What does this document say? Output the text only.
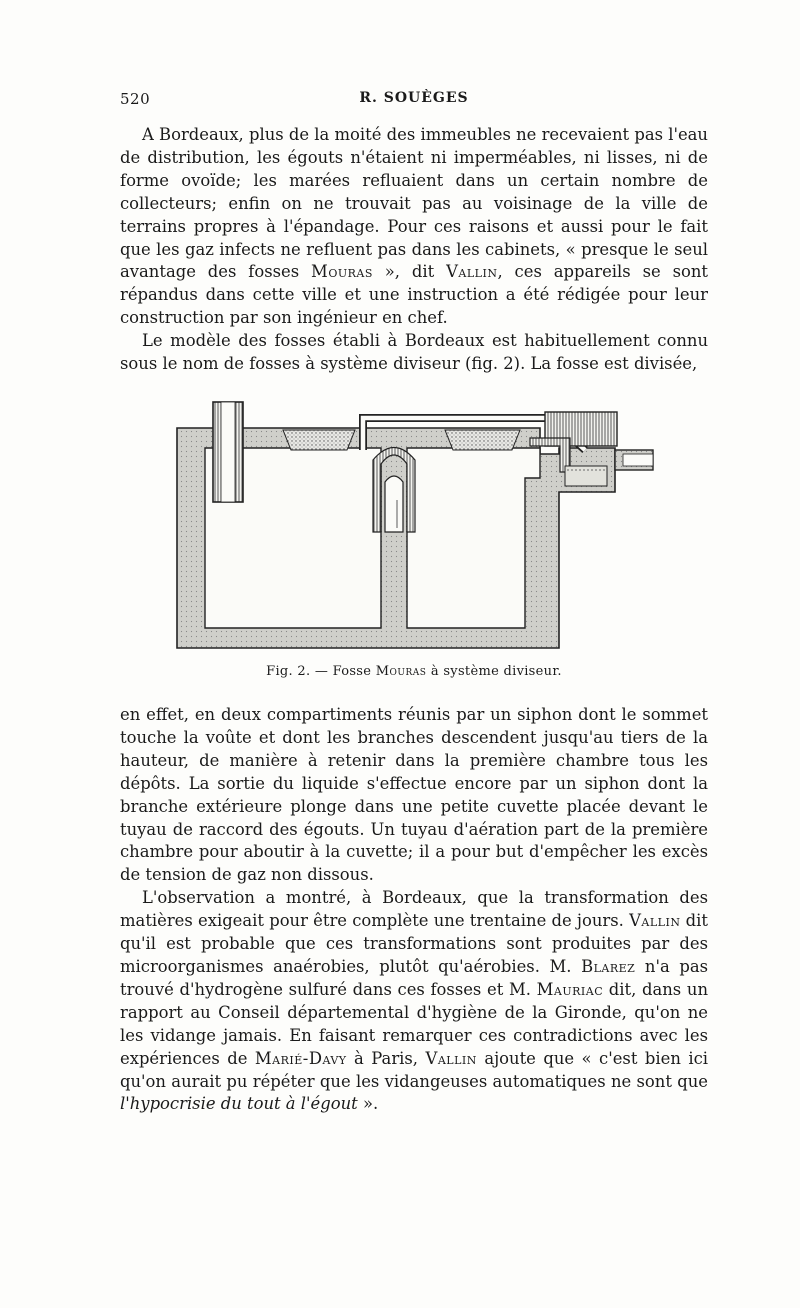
520	R. SOUÈGES

A Bordeaux, plus de la moité des immeubles ne recevaient pas l'eau de distribution, les égouts n'étaient ni imperméables, ni lisses, ni de forme ovoïde; les marées refluaient dans un certain nombre de collecteurs; enfin on ne trouvait pas au voisinage de la ville de terrains propres à l'épandage. Pour ces raisons et aussi pour le fait que les gaz infects ne refluent pas dans les cabinets, « presque le seul avantage des fosses Mouras », dit Vallin, ces appareils se sont répandus dans cette ville et une instruction a été rédigée pour leur construction par son ingénieur en chef.

Le modèle des fosses établi à Bordeaux est habituellement connu sous le nom de fosses à système diviseur (fig. 2). La fosse est divisée,

Fig. 2. — Fosse Mouras à système diviseur.

en effet, en deux compartiments réunis par un siphon dont le sommet touche la voûte et dont les branches descendent jusqu'au tiers de la hauteur, de manière à retenir dans la première chambre tous les dépôts. La sortie du liquide s'effectue encore par un siphon dont la branche extérieure plonge dans une petite cuvette placée devant le tuyau de raccord des égouts. Un tuyau d'aération part de la première chambre pour aboutir à la cuvette; il a pour but d'empêcher les excès de tension de gaz non dissous.

L'observation a montré, à Bordeaux, que la transformation des matières exigeait pour être complète une trentaine de jours. Vallin dit qu'il est probable que ces transformations sont produites par des microorganismes anaérobies, plutôt qu'aérobies. M. Blarez n'a pas trouvé d'hydrogène sulfuré dans ces fosses et M. Mauriac dit, dans un rapport au Conseil départemental d'hygiène de la Gironde, qu'on ne les vidange jamais. En faisant remarquer ces contradictions avec les expériences de Marié-Davy à Paris, Vallin ajoute que « c'est bien ici qu'on aurait pu répéter que les vidangeuses automatiques ne sont que l'hypocrisie du tout à l'égout ».
